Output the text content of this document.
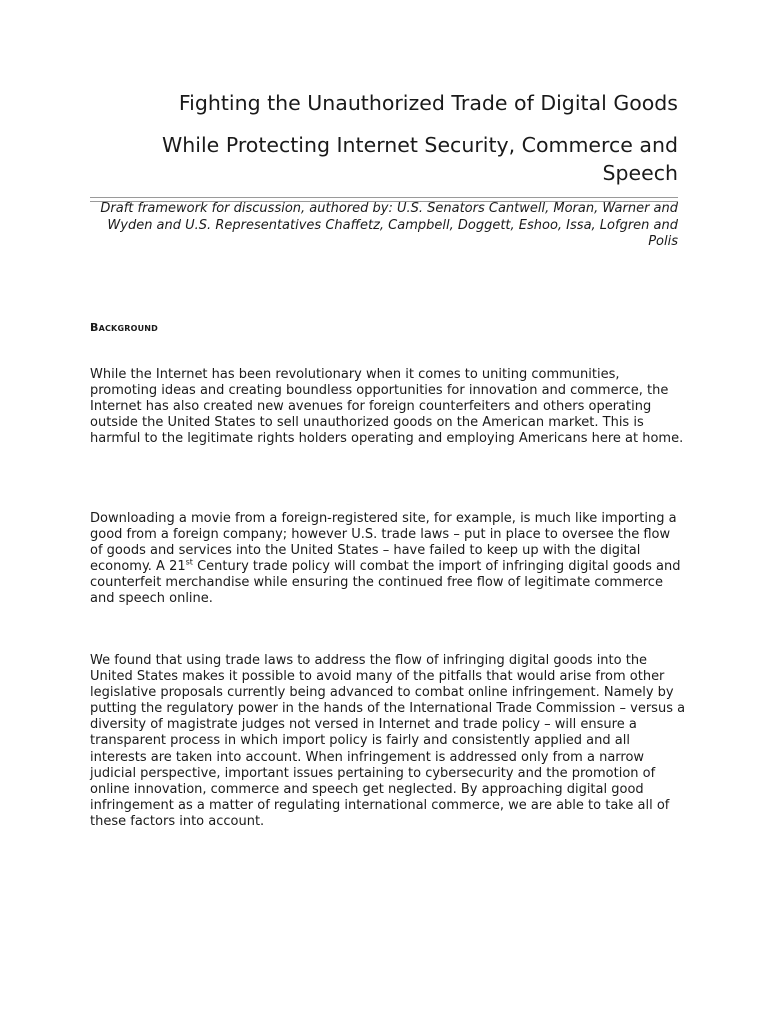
Fighting the Unauthorized Trade of Digital Goods
While Protecting Internet Security, Commerce and Speech

Draft framework for discussion, authored by: U.S. Senators Cantwell, Moran, Warner and Wyden and U.S. Representatives Chaffetz, Campbell, Doggett, Eshoo, Issa, Lofgren and Polis

Background

While the Internet has been revolutionary when it comes to uniting communities, promoting ideas and creating boundless opportunities for innovation and commerce, the Internet has also created new avenues for foreign counterfeiters and others operating outside the United States to sell unauthorized goods on the American market. This is harmful to the legitimate rights holders operating and employing Americans here at home.

Downloading a movie from a foreign-registered site, for example, is much like importing a good from a foreign company; however U.S. trade laws – put in place to oversee the flow of goods and services into the United States – have failed to keep up with the digital economy. A 21st Century trade policy will combat the import of infringing digital goods and counterfeit merchandise while ensuring the continued free flow of legitimate commerce and speech online.

We found that using trade laws to address the flow of infringing digital goods into the United States makes it possible to avoid many of the pitfalls that would arise from other legislative proposals currently being advanced to combat online infringement. Namely by putting the regulatory power in the hands of the International Trade Commission – versus a diversity of magistrate judges not versed in Internet and trade policy – will ensure a transparent process in which import policy is fairly and consistently applied and all interests are taken into account. When infringement is addressed only from a narrow judicial perspective, important issues pertaining to cybersecurity and the promotion of online innovation, commerce and speech get neglected. By approaching digital good infringement as a matter of regulating international commerce, we are able to take all of these factors into account.
